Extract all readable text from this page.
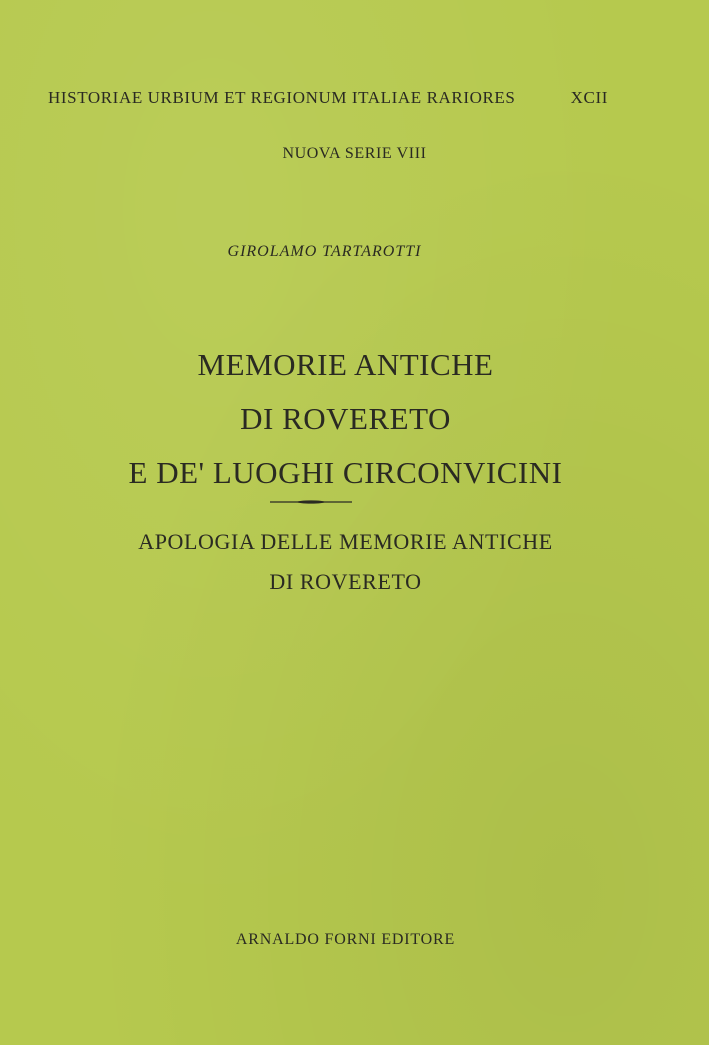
HISTORIAE URBIUM ET REGIONUM ITALIAE RARIORES	XCII
NUOVA SERIE VIII
GIROLAMO TARTAROTTI
MEMORIE ANTICHE
DI ROVERETO
E DE' LUOGHI CIRCONVICINI
APOLOGIA DELLE MEMORIE ANTICHE
DI ROVERETO
ARNALDO FORNI EDITORE
